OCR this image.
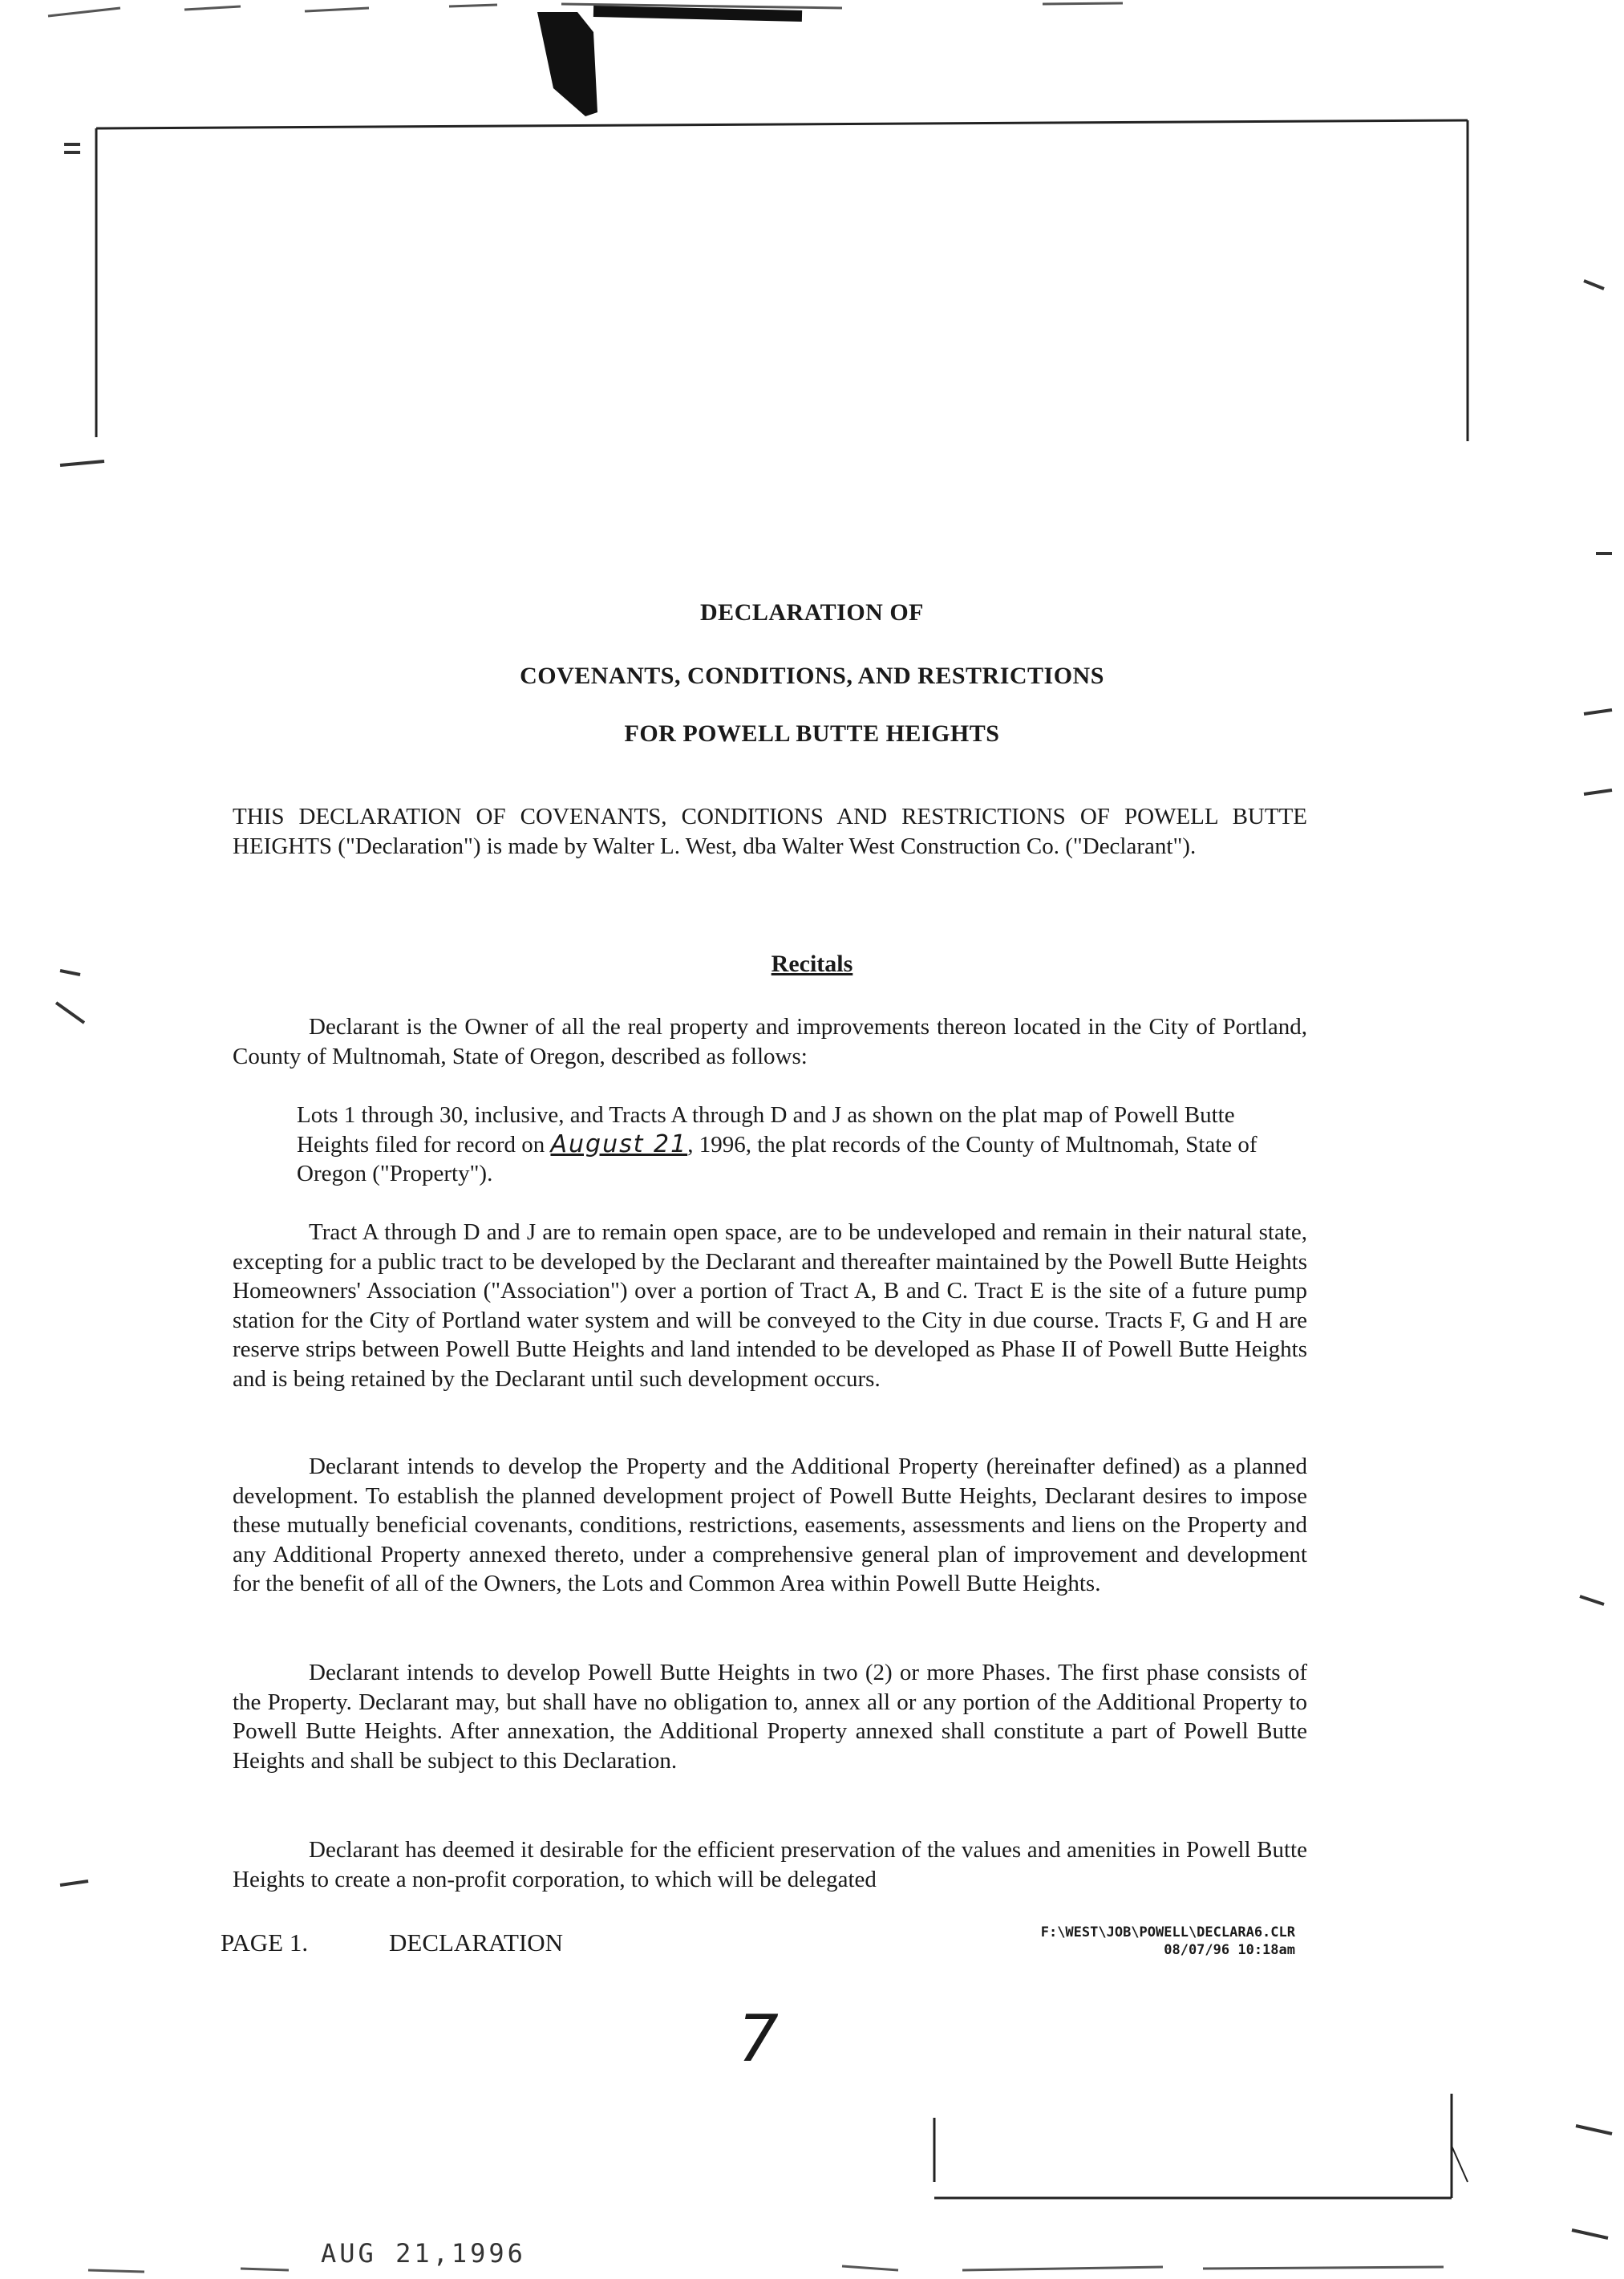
DECLARATION OF
COVENANTS, CONDITIONS, AND RESTRICTIONS
FOR POWELL BUTTE HEIGHTS
THIS DECLARATION OF COVENANTS, CONDITIONS AND RESTRICTIONS OF POWELL BUTTE HEIGHTS ("Declaration") is made by Walter L. West, dba Walter West Construction Co. ("Declarant").
Recitals
Declarant is the Owner of all the real property and improvements thereon located in the City of Portland, County of Multnomah, State of Oregon, described as follows:
Lots 1 through 30, inclusive, and Tracts A through D and J as shown on the plat map of Powell Butte Heights filed for record on August 21, 1996, the plat records of the County of Multnomah, State of Oregon ("Property").
Tract A through D and J are to remain open space, are to be undeveloped and remain in their natural state, excepting for a public tract to be developed by the Declarant and thereafter maintained by the Powell Butte Heights Homeowners' Association ("Association") over a portion of Tract A, B and C. Tract E is the site of a future pump station for the City of Portland water system and will be conveyed to the City in due course. Tracts F, G and H are reserve strips between Powell Butte Heights and land intended to be developed as Phase II of Powell Butte Heights and is being retained by the Declarant until such development occurs.
Declarant intends to develop the Property and the Additional Property (hereinafter defined) as a planned development. To establish the planned development project of Powell Butte Heights, Declarant desires to impose these mutually beneficial covenants, conditions, restrictions, easements, assessments and liens on the Property and any Additional Property annexed thereto, under a comprehensive general plan of improvement and development for the benefit of all of the Owners, the Lots and Common Area within Powell Butte Heights.
Declarant intends to develop Powell Butte Heights in two (2) or more Phases. The first phase consists of the Property. Declarant may, but shall have no obligation to, annex all or any portion of the Additional Property to Powell Butte Heights. After annexation, the Additional Property annexed shall constitute a part of Powell Butte Heights and shall be subject to this Declaration.
Declarant has deemed it desirable for the efficient preservation of the values and amenities in Powell Butte Heights to create a non-profit corporation, to which will be delegated
PAGE 1.	DECLARATION	F:\WEST\JOB\POWELL\DECLARA6.CLR
08/07/96 10:18am
7
AUG 21,1996
